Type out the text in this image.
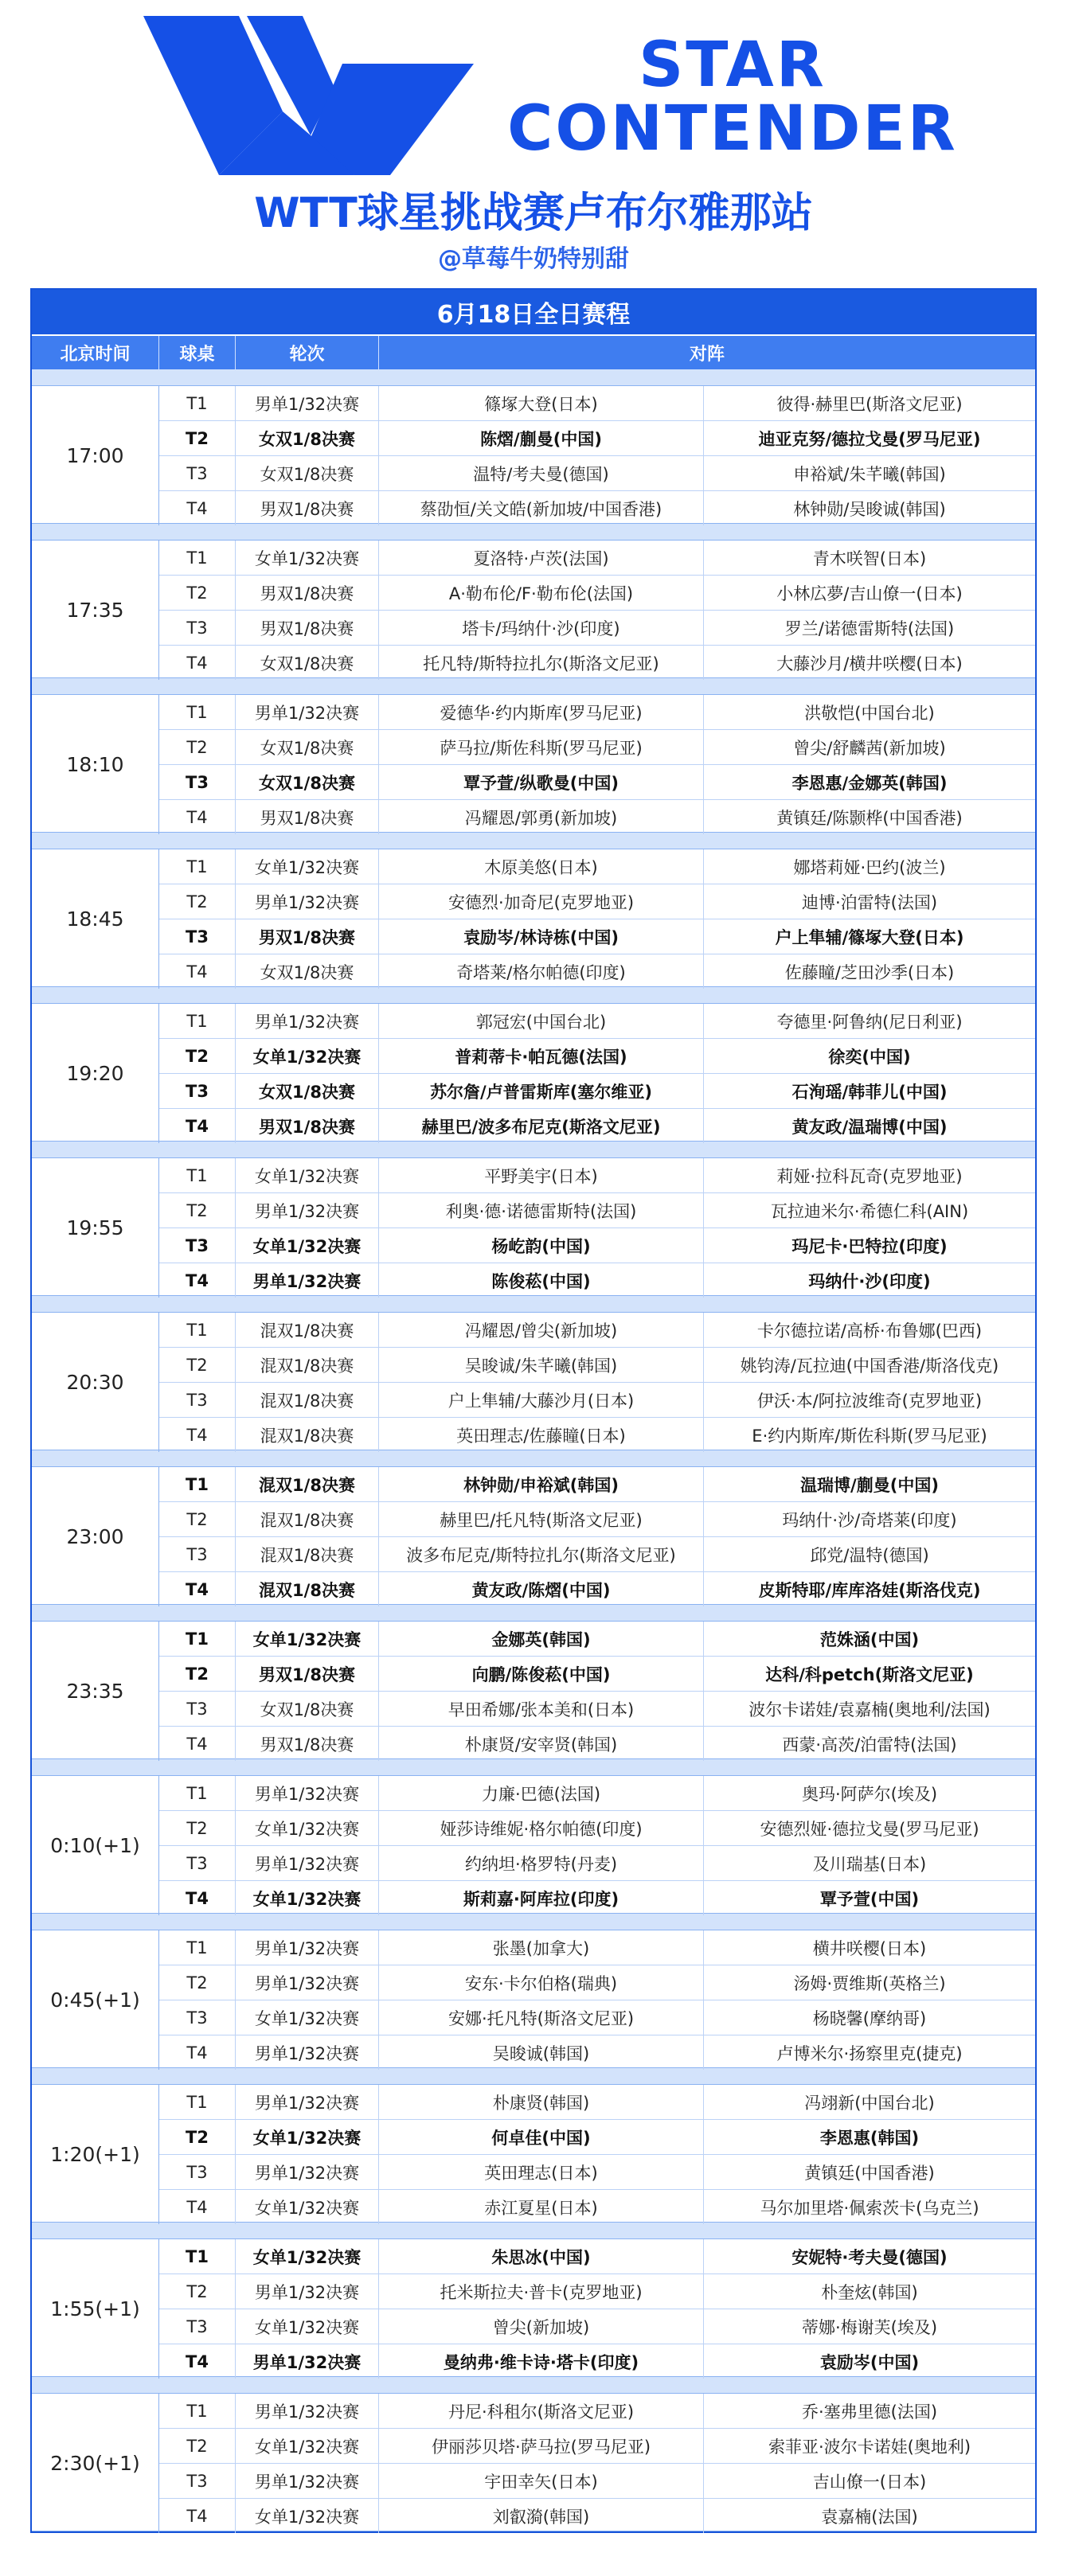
STAR
CONTENDER
WTT球星挑战赛卢布尔雅那站
@草莓牛奶特别甜
6月18日全日赛程
北京时间	球桌	轮次	对阵
17:00
T1	男单1/32决赛	篠塚大登(日本)	彼得·赫里巴(斯洛文尼亚)
T2	女双1/8决赛	陈熠/蒯曼(中国)	迪亚克努/德拉戈曼(罗马尼亚)
T3	女双1/8决赛	温特/考夫曼(德国)	申裕斌/朱芊曦(韩国)
T4	男双1/8决赛	蔡劭恒/关文皓(新加坡/中国香港)	林钟勋/吴晙诚(韩国)
17:35
T1	女单1/32决赛	夏洛特·卢茨(法国)	青木咲智(日本)
T2	男双1/8决赛	A·勒布伦/F·勒布伦(法国)	小林広夢/吉山僚一(日本)
T3	男双1/8决赛	塔卡/玛纳什·沙(印度)	罗兰/诺德雷斯特(法国)
T4	女双1/8决赛	托凡特/斯特拉扎尔(斯洛文尼亚)	大藤沙月/横井咲樱(日本)
18:10
T1	男单1/32决赛	爱德华·约内斯库(罗马尼亚)	洪敬恺(中国台北)
T2	女双1/8决赛	萨马拉/斯佐科斯(罗马尼亚)	曾尖/舒麟茜(新加坡)
T3	女双1/8决赛	覃予萱/纵歌曼(中国)	李恩惠/金娜英(韩国)
T4	男双1/8决赛	冯耀恩/郭勇(新加坡)	黄镇廷/陈颢桦(中国香港)
18:45
T1	女单1/32决赛	木原美悠(日本)	娜塔莉娅·巴约(波兰)
T2	男单1/32决赛	安德烈·加奇尼(克罗地亚)	迪博·泊雷特(法国)
T3	男双1/8决赛	袁励岑/林诗栋(中国)	户上隼辅/篠塚大登(日本)
T4	女双1/8决赛	奇塔莱/格尔帕德(印度)	佐藤瞳/芝田沙季(日本)
19:20
T1	男单1/32决赛	郭冠宏(中国台北)	夸德里·阿鲁纳(尼日利亚)
T2	女单1/32决赛	普莉蒂卡·帕瓦德(法国)	徐奕(中国)
T3	女双1/8决赛	苏尔詹/卢普雷斯库(塞尔维亚)	石洵瑶/韩菲儿(中国)
T4	男双1/8决赛	赫里巴/波多布尼克(斯洛文尼亚)	黄友政/温瑞博(中国)
19:55
T1	女单1/32决赛	平野美宇(日本)	莉娅·拉科瓦奇(克罗地亚)
T2	男单1/32决赛	利奥·德·诺德雷斯特(法国)	瓦拉迪米尔·希德仁科(AIN)
T3	女单1/32决赛	杨屹韵(中国)	玛尼卡·巴特拉(印度)
T4	男单1/32决赛	陈俊菘(中国)	玛纳什·沙(印度)
20:30
T1	混双1/8决赛	冯耀恩/曾尖(新加坡)	卡尔德拉诺/高桥·布鲁娜(巴西)
T2	混双1/8决赛	吴晙诚/朱芊曦(韩国)	姚钧涛/瓦拉迪(中国香港/斯洛伐克)
T3	混双1/8决赛	户上隼辅/大藤沙月(日本)	伊沃·本/阿拉波维奇(克罗地亚)
T4	混双1/8决赛	英田理志/佐藤瞳(日本)	E·约内斯库/斯佐科斯(罗马尼亚)
23:00
T1	混双1/8决赛	林钟勋/申裕斌(韩国)	温瑞博/蒯曼(中国)
T2	混双1/8决赛	赫里巴/托凡特(斯洛文尼亚)	玛纳什·沙/奇塔莱(印度)
T3	混双1/8决赛	波多布尼克/斯特拉扎尔(斯洛文尼亚)	邱党/温特(德国)
T4	混双1/8决赛	黄友政/陈熠(中国)	皮斯特耶/库库洛娃(斯洛伐克)
23:35
T1	女单1/32决赛	金娜英(韩国)	范姝涵(中国)
T2	男双1/8决赛	向鹏/陈俊菘(中国)	达科/科petch(斯洛文尼亚)
T3	女双1/8决赛	早田希娜/张本美和(日本)	波尔卡诺娃/袁嘉楠(奥地利/法国)
T4	男双1/8决赛	朴康贤/安宰贤(韩国)	西蒙·高茨/泊雷特(法国)
0:10(+1)
T1	男单1/32决赛	力廉·巴德(法国)	奥玛·阿萨尔(埃及)
T2	女单1/32决赛	娅莎诗维妮·格尔帕德(印度)	安德烈娅·德拉戈曼(罗马尼亚)
T3	男单1/32决赛	约纳坦·格罗特(丹麦)	及川瑞基(日本)
T4	女单1/32决赛	斯莉嘉·阿库拉(印度)	覃予萱(中国)
0:45(+1)
T1	男单1/32决赛	张墨(加拿大)	横井咲樱(日本)
T2	男单1/32决赛	安东·卡尔伯格(瑞典)	汤姆·贾维斯(英格兰)
T3	女单1/32决赛	安娜·托凡特(斯洛文尼亚)	杨晓馨(摩纳哥)
T4	男单1/32决赛	吴晙诚(韩国)	卢博米尔·扬察里克(捷克)
1:20(+1)
T1	男单1/32决赛	朴康贤(韩国)	冯翊新(中国台北)
T2	女单1/32决赛	何卓佳(中国)	李恩惠(韩国)
T3	男单1/32决赛	英田理志(日本)	黄镇廷(中国香港)
T4	女单1/32决赛	赤江夏星(日本)	马尔加里塔·佩索茨卡(乌克兰)
1:55(+1)
T1	女单1/32决赛	朱思冰(中国)	安妮特·考夫曼(德国)
T2	男单1/32决赛	托米斯拉夫·普卡(克罗地亚)	朴奎炫(韩国)
T3	女单1/32决赛	曾尖(新加坡)	蒂娜·梅谢芙(埃及)
T4	男单1/32决赛	曼纳弗·维卡诗·塔卡(印度)	袁励岑(中国)
2:30(+1)
T1	男单1/32决赛	丹尼·科租尔(斯洛文尼亚)	乔·塞弗里德(法国)
T2	女单1/32决赛	伊丽莎贝塔·萨马拉(罗马尼亚)	索菲亚·波尔卡诺娃(奥地利)
T3	男单1/32决赛	宇田幸矢(日本)	吉山僚一(日本)
T4	女单1/32决赛	刘叡漪(韩国)	袁嘉楠(法国)
